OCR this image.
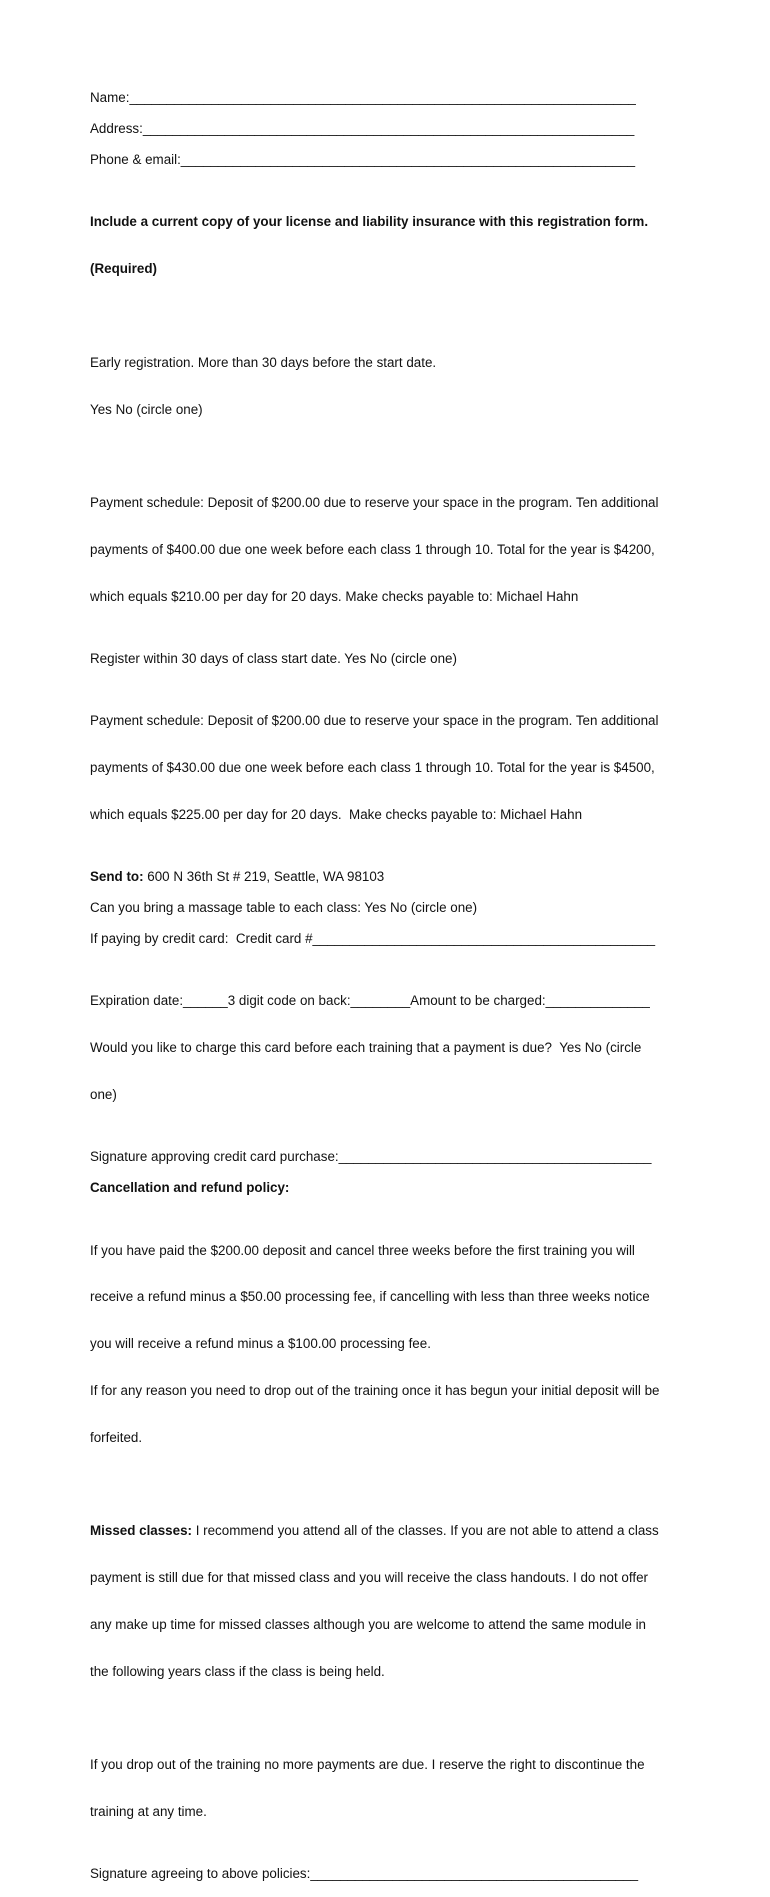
Name:____________________________________________________________________

Address:__________________________________________________________________

Phone & email:_____________________________________________________________

Include a current copy of your license and liability insurance with this registration form.

(Required)

Early registration. More than 30 days before the start date.

Yes No (circle one)

Payment schedule: Deposit of $200.00 due to reserve your space in the program. Ten additional

payments of $400.00 due one week before each class 1 through 10. Total for the year is $4200,

which equals $210.00 per day for 20 days. Make checks payable to: Michael Hahn

Register within 30 days of class start date. Yes No (circle one)

Payment schedule: Deposit of $200.00 due to reserve your space in the program. Ten additional

payments of $430.00 due one week before each class 1 through 10. Total for the year is $4500,

which equals $225.00 per day for 20 days.  Make checks payable to: Michael Hahn

Send to: 600 N 36th St # 219, Seattle, WA 98103

Can you bring a massage table to each class: Yes No (circle one)

If paying by credit card:  Credit card #______________________________________________

Expiration date:______3 digit code on back:________Amount to be charged:______________

Would you like to charge this card before each training that a payment is due?  Yes No (circle

one)

Signature approving credit card purchase:__________________________________________

Cancellation and refund policy:

If you have paid the $200.00 deposit and cancel three weeks before the first training you will

receive a refund minus a $50.00 processing fee, if cancelling with less than three weeks notice

you will receive a refund minus a $100.00 processing fee.

If for any reason you need to drop out of the training once it has begun your initial deposit will be

forfeited.

Missed classes: I recommend you attend all of the classes. If you are not able to attend a class

payment is still due for that missed class and you will receive the class handouts. I do not offer

any make up time for missed classes although you are welcome to attend the same module in

the following years class if the class is being held.

If you drop out of the training no more payments are due. I reserve the right to discontinue the

training at any time.

Signature agreeing to above policies:____________________________________________
